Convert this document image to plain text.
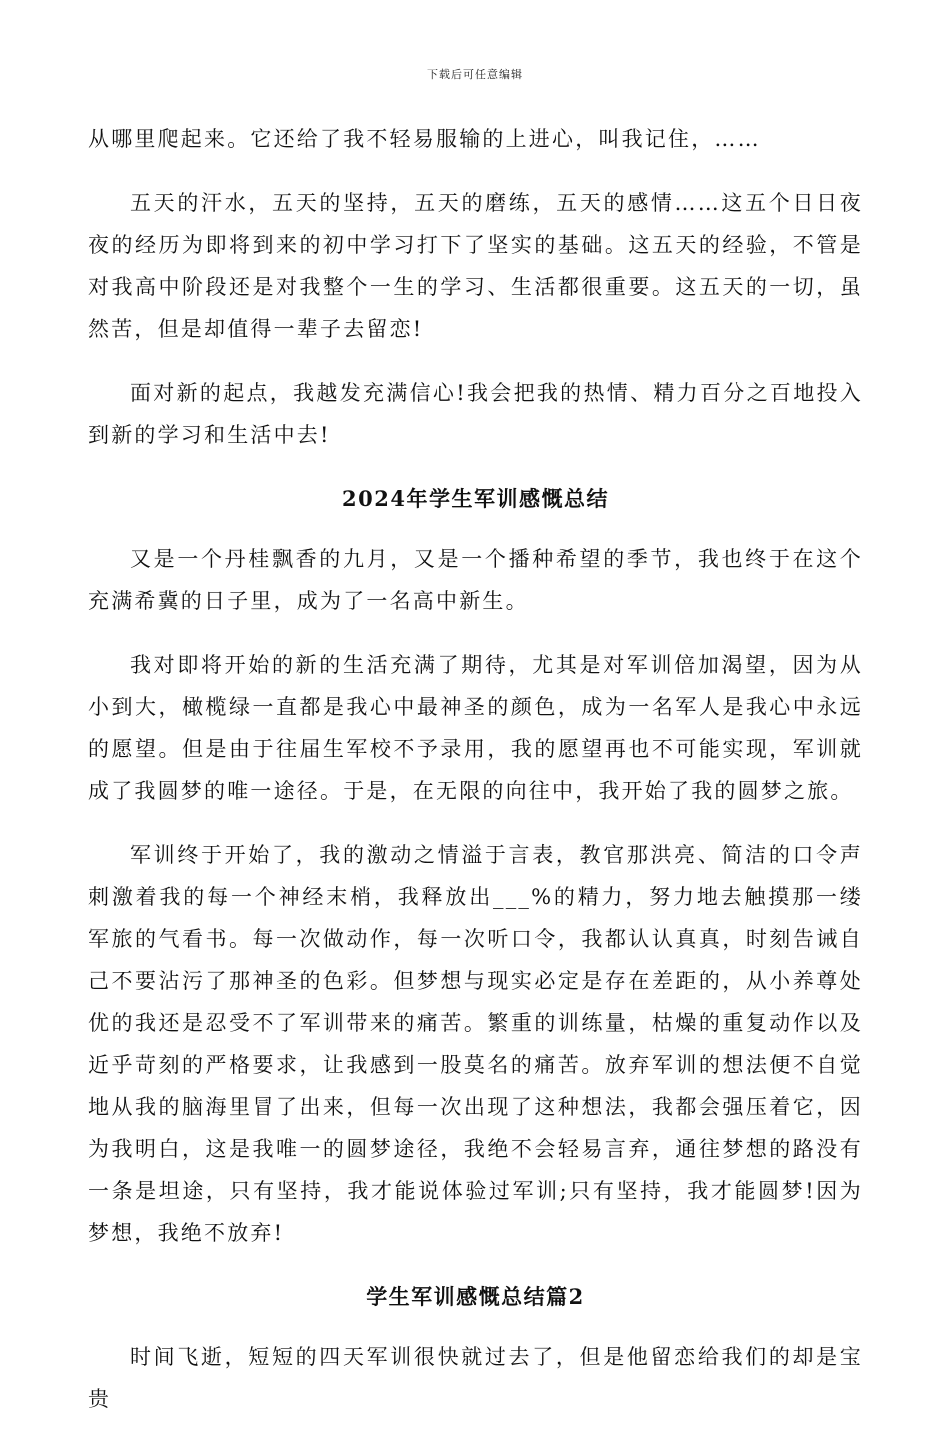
下载后可任意编辑

从哪里爬起来。它还给了我不轻易服输的上进心，叫我记住，……

五天的汗水，五天的坚持，五天的磨练，五天的感情……这五个日日夜夜的经历为即将到来的初中学习打下了坚实的基础。这五天的经验，不管是对我高中阶段还是对我整个一生的学习、生活都很重要。这五天的一切，虽然苦，但是却值得一辈子去留恋!

面对新的起点，我越发充满信心!我会把我的热情、精力百分之百地投入到新的学习和生活中去!

2024年学生军训感慨总结

又是一个丹桂飘香的九月，又是一个播种希望的季节，我也终于在这个充满希冀的日子里，成为了一名高中新生。

我对即将开始的新的生活充满了期待，尤其是对军训倍加渴望，因为从小到大，橄榄绿一直都是我心中最神圣的颜色，成为一名军人是我心中永远的愿望。但是由于往届生军校不予录用，我的愿望再也不可能实现，军训就成了我圆梦的唯一途径。于是，在无限的向往中，我开始了我的圆梦之旅。

军训终于开始了，我的激动之情溢于言表，教官那洪亮、简洁的口令声刺激着我的每一个神经末梢，我释放出___%的精力，努力地去触摸那一缕军旅的气看书。每一次做动作，每一次听口令，我都认认真真，时刻告诫自己不要沾污了那神圣的色彩。但梦想与现实必定是存在差距的，从小养尊处优的我还是忍受不了军训带来的痛苦。繁重的训练量，枯燥的重复动作以及近乎苛刻的严格要求，让我感到一股莫名的痛苦。放弃军训的想法便不自觉地从我的脑海里冒了出来，但每一次出现了这种想法，我都会强压着它，因为我明白，这是我唯一的圆梦途径，我绝不会轻易言弃，通往梦想的路没有一条是坦途，只有坚持，我才能说体验过军训;只有坚持，我才能圆梦!因为梦想，我绝不放弃!

学生军训感慨总结篇2

时间飞逝，短短的四天军训很快就过去了，但是他留恋给我们的却是宝贵
